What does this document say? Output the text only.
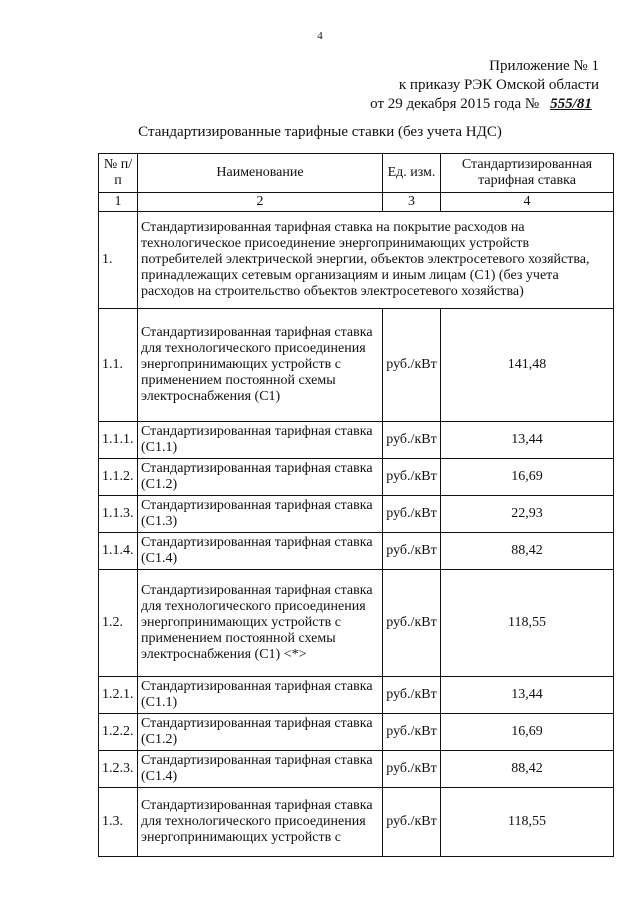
4
Приложение № 1
к приказу РЭК Омской области
от 29 декабря 2015 года № 555/81
Стандартизированные тарифные ставки (без учета НДС)
№ п/п	Наименование	Ед. изм.	Стандартизированная тарифная ставка
1	2	3	4
1.	Стандартизированная тарифная ставка на покрытие расходов на технологическое присоединение энергопринимающих устройств потребителей электрической энергии, объектов электросетевого хозяйства, принадлежащих сетевым организациям и иным лицам (С1) (без учета расходов на строительство объектов электросетевого хозяйства)		
1.1.	Стандартизированная тарифная ставка для технологического присоединения энергопринимающих устройств с применением постоянной схемы электроснабжения (С1)	руб./кВт	141,48
1.1.1.	Стандартизированная тарифная ставка (С1.1)	руб./кВт	13,44
1.1.2.	Стандартизированная тарифная ставка (С1.2)	руб./кВт	16,69
1.1.3.	Стандартизированная тарифная ставка (С1.3)	руб./кВт	22,93
1.1.4.	Стандартизированная тарифная ставка (С1.4)	руб./кВт	88,42
1.2.	Стандартизированная тарифная ставка для технологического присоединения энергопринимающих устройств с применением постоянной схемы электроснабжения (С1) <*>	руб./кВт	118,55
1.2.1.	Стандартизированная тарифная ставка (С1.1)	руб./кВт	13,44
1.2.2.	Стандартизированная тарифная ставка (С1.2)	руб./кВт	16,69
1.2.3.	Стандартизированная тарифная ставка (С1.4)	руб./кВт	88,42
1.3.	Стандартизированная тарифная ставка для технологического присоединения энергопринимающих устройств с	руб./кВт	118,55
